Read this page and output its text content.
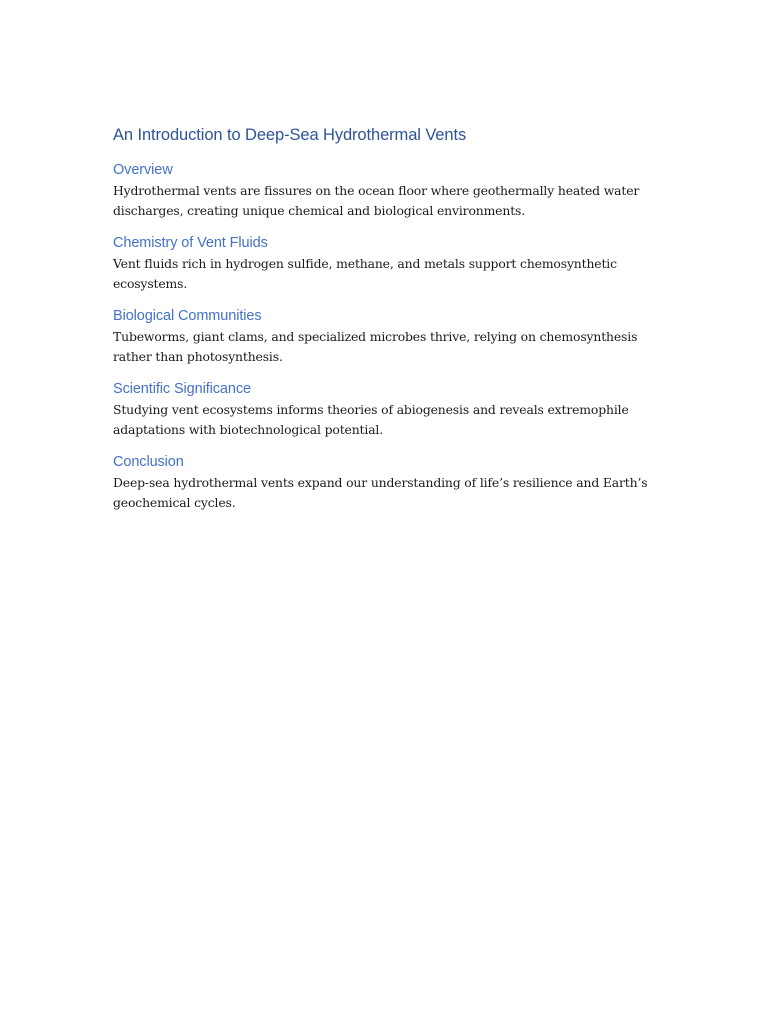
An Introduction to Deep-Sea Hydrothermal Vents
Overview

Hydrothermal vents are fissures on the ocean floor where geothermally heated water discharges, creating unique chemical and biological environments.

Chemistry of Vent Fluids

Vent fluids rich in hydrogen sulfide, methane, and metals support chemosynthetic ecosystems.

Biological Communities

Tubeworms, giant clams, and specialized microbes thrive, relying on chemosynthesis rather than photosynthesis.

Scientific Significance

Studying vent ecosystems informs theories of abiogenesis and reveals extremophile adaptations with biotechnological potential.

Conclusion

Deep-sea hydrothermal vents expand our understanding of life’s resilience and Earth’s geochemical cycles.
